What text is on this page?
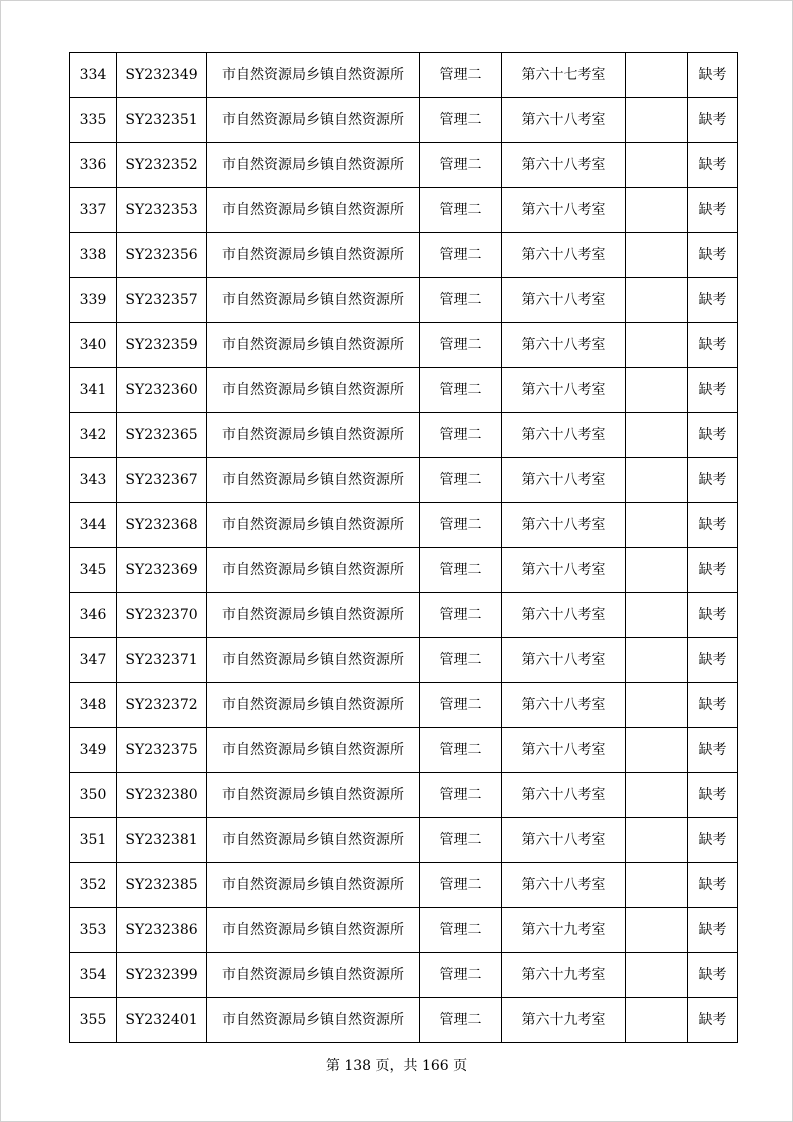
334	SY232349	市自然资源局乡镇自然资源所	管理二	第六十七考室		缺考
335	SY232351	市自然资源局乡镇自然资源所	管理二	第六十八考室		缺考
336	SY232352	市自然资源局乡镇自然资源所	管理二	第六十八考室		缺考
337	SY232353	市自然资源局乡镇自然资源所	管理二	第六十八考室		缺考
338	SY232356	市自然资源局乡镇自然资源所	管理二	第六十八考室		缺考
339	SY232357	市自然资源局乡镇自然资源所	管理二	第六十八考室		缺考
340	SY232359	市自然资源局乡镇自然资源所	管理二	第六十八考室		缺考
341	SY232360	市自然资源局乡镇自然资源所	管理二	第六十八考室		缺考
342	SY232365	市自然资源局乡镇自然资源所	管理二	第六十八考室		缺考
343	SY232367	市自然资源局乡镇自然资源所	管理二	第六十八考室		缺考
344	SY232368	市自然资源局乡镇自然资源所	管理二	第六十八考室		缺考
345	SY232369	市自然资源局乡镇自然资源所	管理二	第六十八考室		缺考
346	SY232370	市自然资源局乡镇自然资源所	管理二	第六十八考室		缺考
347	SY232371	市自然资源局乡镇自然资源所	管理二	第六十八考室		缺考
348	SY232372	市自然资源局乡镇自然资源所	管理二	第六十八考室		缺考
349	SY232375	市自然资源局乡镇自然资源所	管理二	第六十八考室		缺考
350	SY232380	市自然资源局乡镇自然资源所	管理二	第六十八考室		缺考
351	SY232381	市自然资源局乡镇自然资源所	管理二	第六十八考室		缺考
352	SY232385	市自然资源局乡镇自然资源所	管理二	第六十八考室		缺考
353	SY232386	市自然资源局乡镇自然资源所	管理二	第六十九考室		缺考
354	SY232399	市自然资源局乡镇自然资源所	管理二	第六十九考室		缺考
355	SY232401	市自然资源局乡镇自然资源所	管理二	第六十九考室		缺考
第 138 页，共 166 页
